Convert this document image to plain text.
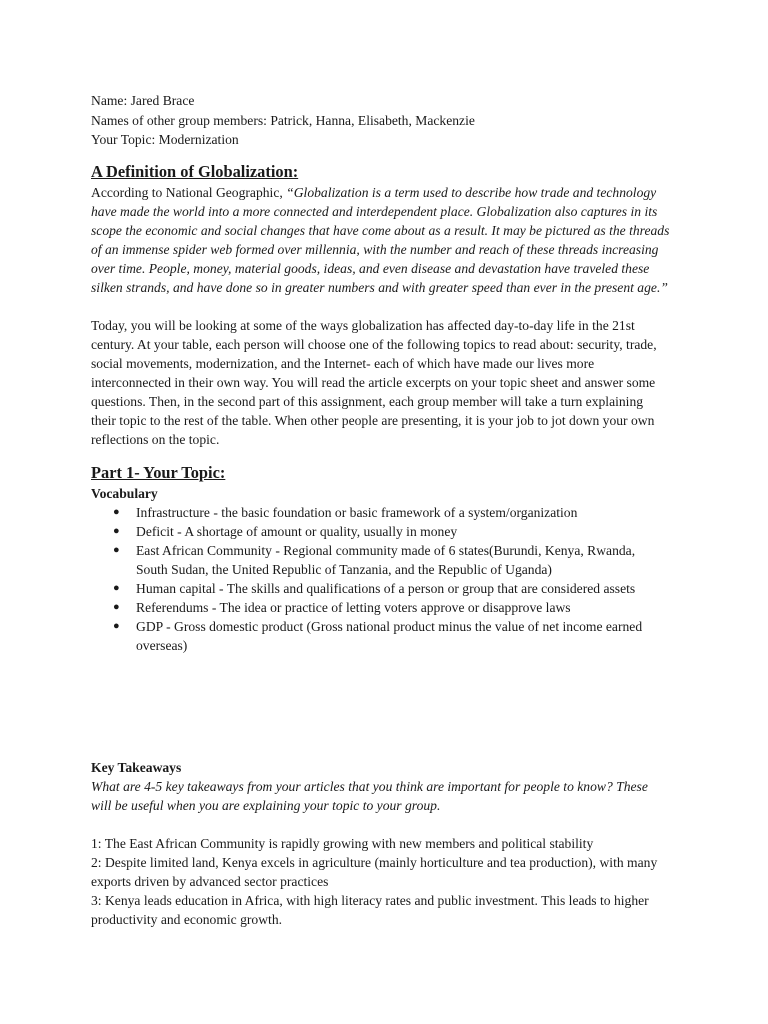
Name: Jared Brace

Names of other group members: Patrick, Hanna, Elisabeth, Mackenzie

Your Topic: Modernization

A Definition of Globalization:

According to National Geographic, “Globalization is a term used to describe how trade and technology

have made the world into a more connected and interdependent place. Globalization also captures in its

scope the economic and social changes that have come about as a result. It may be pictured as the threads

of an immense spider web formed over millennia, with the number and reach of these threads increasing

over time. People, money, material goods, ideas, and even disease and devastation have traveled these

silken strands, and have done so in greater numbers and with greater speed than ever in the present age.”

Today, you will be looking at some of the ways globalization has affected day-to-day life in the 21st

century. At your table, each person will choose one of the following topics to read about: security, trade,

social movements, modernization, and the Internet- each of which have made our lives more

interconnected in their own way. You will read the article excerpts on your topic sheet and answer some

questions. Then, in the second part of this assignment, each group member will take a turn explaining

their topic to the rest of the table. When other people are presenting, it is your job to jot down your own

reflections on the topic.

Part 1- Your Topic:

Vocabulary

● Infrastructure - the basic foundation or basic framework of a system/organization
● Deficit - A shortage of amount or quality, usually in money
● East African Community - Regional community made of 6 states(Burundi, Kenya, Rwanda,
South Sudan, the United Republic of Tanzania, and the Republic of Uganda)
● Human capital - The skills and qualifications of a person or group that are considered assets
● Referendums - The idea or practice of letting voters approve or disapprove laws
● GDP - Gross domestic product (Gross national product minus the value of net income earned
overseas)

Key Takeaways

What are 4-5 key takeaways from your articles that you think are important for people to know? These

will be useful when you are explaining your topic to your group.

1: The East African Community is rapidly growing with new members and political stability

2: Despite limited land, Kenya excels in agriculture (mainly horticulture and tea production), with many

exports driven by advanced sector practices

3: Kenya leads education in Africa, with high literacy rates and public investment. This leads to higher

productivity and economic growth.
